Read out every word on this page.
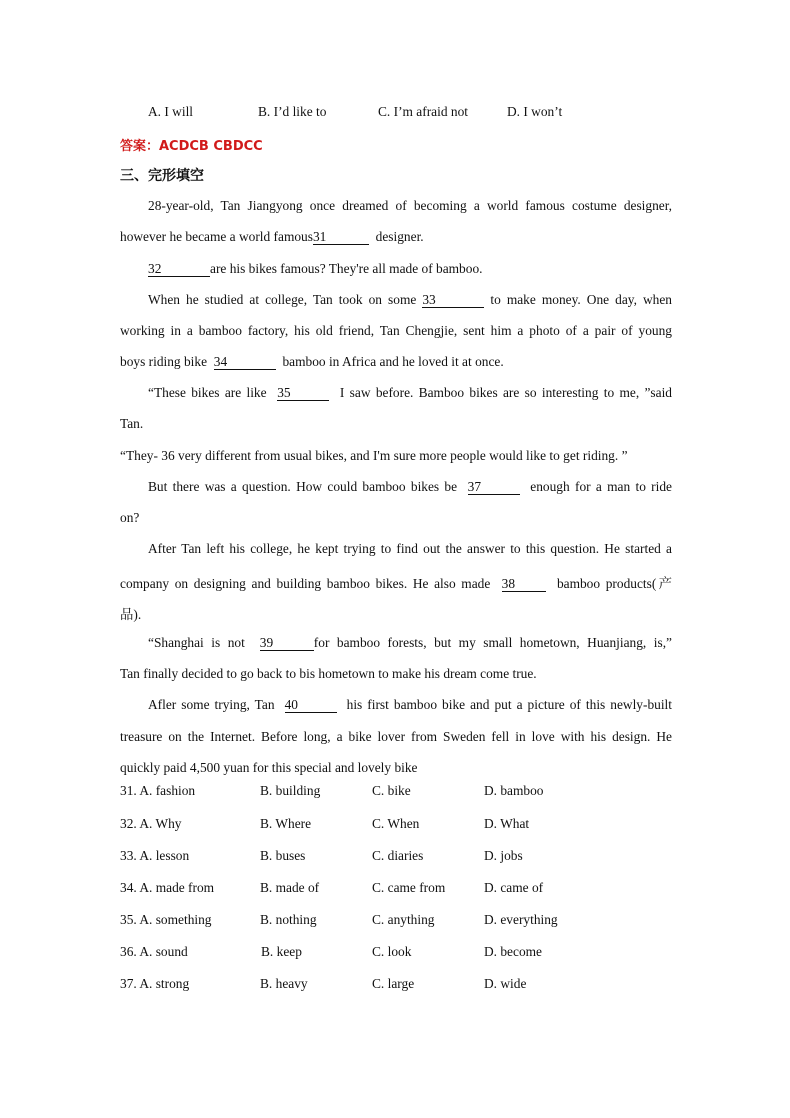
A. I will	B. I’d like to	C. I’m afraid not	D. I won’t
答案：ACDCB CBDCC
三、完形填空
28-year-old, Tan Jiangyong once dreamed of becoming a world famous costume designer,
however he became a world famous31	designer.
32	are his bikes famous? They're all made of bamboo.
When he studied at college, Tan took on some 33	to make money. One day, when
working in a bamboo factory, his old friend, Tan Chengjie, sent him a photo of a pair of young
boys riding bike 34	bamboo in Africa and he loved it at once.
“These bikes are like 35	I saw before. Bamboo bikes are so interesting to me, ”said
Tan.
“They- 36 very different from usual bikes, and I'm sure more people would like to get riding. ”
But there was a question. How could bamboo bikes be 37	enough for a man to ride
on?
After Tan left his college, he kept trying to find out the answer to this question. He started a
company on designing and building bamboo bikes. He also made 38	bamboo products(产
品).
“Shanghai is not 39	for bamboo forests, but my small hometown, Huanjiang, is,”
Tan finally decided to go back to bis hometown to make his dream come true.
Afler some trying, Tan 40	his first bamboo bike and put a picture of this newly-built
treasure on the Internet. Before long, a bike lover from Sweden fell in love with his design. He
quickly paid 4,500 yuan for this special and lovely bike
31. A. fashion	B. building	C. bike	D. bamboo
32. A. Why	B. Where	C. When	D. What
33. A. lesson	B. buses	C. diaries	D. jobs
34. A. made from	B. made of	C. came from	D. came of
35. A. something	B. nothing	C. anything	D. everything
36. A. sound	B. keep	C. look	D. become
37. A. strong	B. heavy	C. large	D. wide
